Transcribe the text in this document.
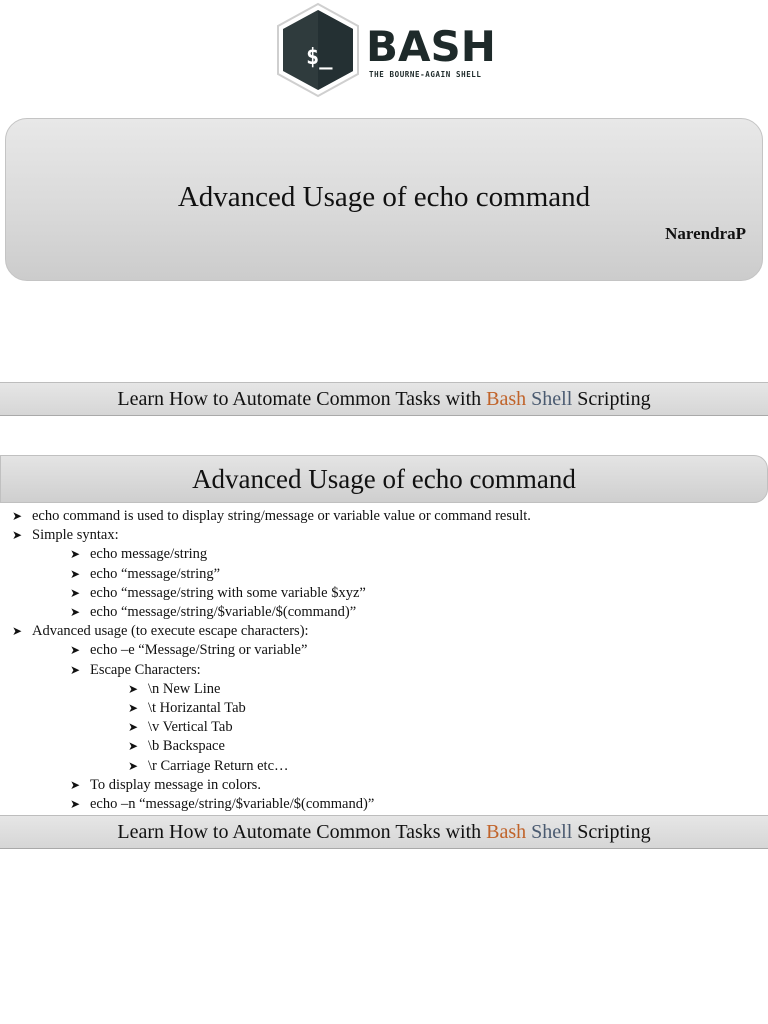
$_ BASH
THE BOURNE-AGAIN SHELL
Advanced Usage of echo command
NarendraP
Learn How to Automate Common Tasks with Bash Shell Scripting
Advanced Usage of echo command
➤ echo command is used to display string/message or variable value or command result.
➤ Simple syntax:
➤ echo message/string
➤ echo “message/string”
➤ echo “message/string with some variable $xyz”
➤ echo “message/string/$variable/$(command)”
➤ Advanced usage (to execute escape characters):
➤ echo –e “Message/String or variable”
➤ Escape Characters:
➤ \n New Line
➤ \t Horizantal Tab
➤ \v Vertical Tab
➤ \b Backspace
➤ \r Carriage Return etc…
➤ To display message in colors.
➤ echo –n “message/string/$variable/$(command)”
Learn How to Automate Common Tasks with Bash Shell Scripting
